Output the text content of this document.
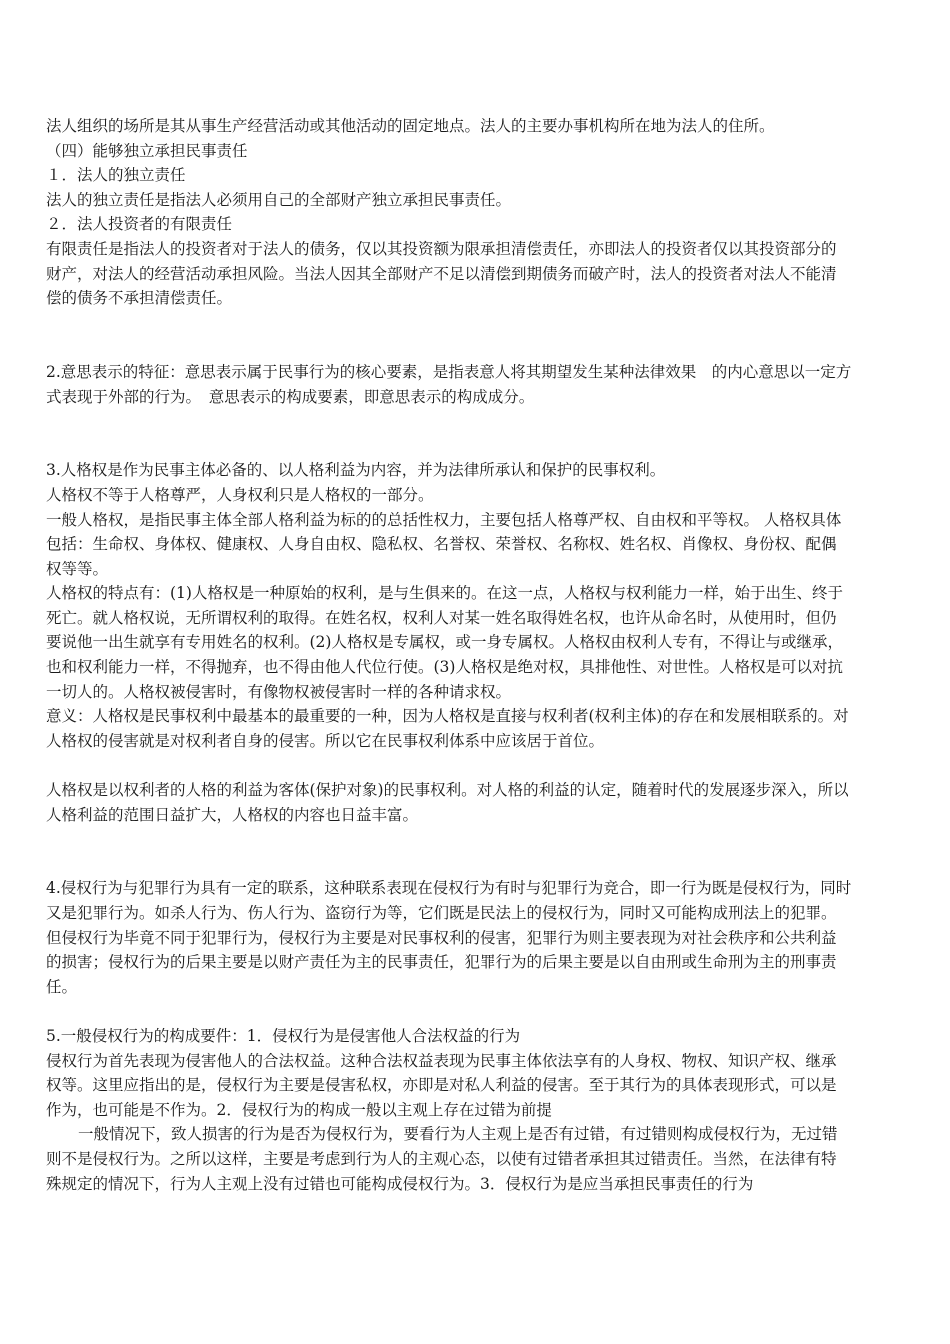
法人组织的场所是其从事生产经营活动或其他活动的固定地点。法人的主要办事机构所在地为法人的住所。
（四）能够独立承担民事责任
１．法人的独立责任
法人的独立责任是指法人必须用自己的全部财产独立承担民事责任。
２．法人投资者的有限责任
有限责任是指法人的投资者对于法人的债务，仅以其投资额为限承担清偿责任，亦即法人的投资者仅以其投资部分的
财产，对法人的经营活动承担风险。当法人因其全部财产不足以清偿到期债务而破产时，法人的投资者对法人不能清
偿的债务不承担清偿责任。
2.意思表示的特征：意思表示属于民事行为的核心要素，是指表意人将其期望发生某种法律效果　的内心意思以一定方
式表现于外部的行为。　意思表示的构成要素，即意思表示的构成成分。
3.人格权是作为民事主体必备的、以人格利益为内容，并为法律所承认和保护的民事权利。
人格权不等于人格尊严，人身权利只是人格权的一部分。
一般人格权，是指民事主体全部人格利益为标的的总括性权力，主要包括人格尊严权、自由权和平等权。 人格权具体
包括：生命权、身体权、健康权、人身自由权、隐私权、名誉权、荣誉权、名称权、姓名权、肖像权、身份权、配偶
权等等。
人格权的特点有：(1)人格权是一种原始的权利，是与生俱来的。在这一点，人格权与权利能力一样，始于出生、终于
死亡。就人格权说，无所谓权利的取得。在姓名权，权利人对某一姓名取得姓名权，也许从命名时，从使用时，但仍
要说他一出生就享有专用姓名的权利。(2)人格权是专属权，或一身专属权。人格权由权利人专有，不得让与或继承，
也和权利能力一样，不得抛弃，也不得由他人代位行使。(3)人格权是绝对权，具排他性、对世性。人格权是可以对抗
一切人的。人格权被侵害时，有像物权被侵害时一样的各种请求权。
意义：人格权是民事权利中最基本的最重要的一种，因为人格权是直接与权利者(权利主体)的存在和发展相联系的。对
人格权的侵害就是对权利者自身的侵害。所以它在民事权利体系中应该居于首位。
人格权是以权利者的人格的利益为客体(保护对象)的民事权利。对人格的利益的认定，随着时代的发展逐步深入，所以
人格利益的范围日益扩大，人格权的内容也日益丰富。
4.侵权行为与犯罪行为具有一定的联系，这种联系表现在侵权行为有时与犯罪行为竞合，即一行为既是侵权行为，同时
又是犯罪行为。如杀人行为、伤人行为、盗窃行为等，它们既是民法上的侵权行为，同时又可能构成刑法上的犯罪。
但侵权行为毕竟不同于犯罪行为，侵权行为主要是对民事权利的侵害，犯罪行为则主要表现为对社会秩序和公共利益
的损害；侵权行为的后果主要是以财产责任为主的民事责任，犯罪行为的后果主要是以自由刑或生命刑为主的刑事责
任。
5.一般侵权行为的构成要件：1．侵权行为是侵害他人合法权益的行为
侵权行为首先表现为侵害他人的合法权益。这种合法权益表现为民事主体依法享有的人身权、物权、知识产权、继承
权等。这里应指出的是，侵权行为主要是侵害私权，亦即是对私人利益的侵害。至于其行为的具体表现形式，可以是
作为，也可能是不作为。2．侵权行为的构成一般以主观上存在过错为前提
一般情况下，致人损害的行为是否为侵权行为，要看行为人主观上是否有过错，有过错则构成侵权行为，无过错
则不是侵权行为。之所以这样，主要是考虑到行为人的主观心态，以使有过错者承担其过错责任。当然，在法律有特
殊规定的情况下，行为人主观上没有过错也可能构成侵权行为。3．侵权行为是应当承担民事责任的行为
